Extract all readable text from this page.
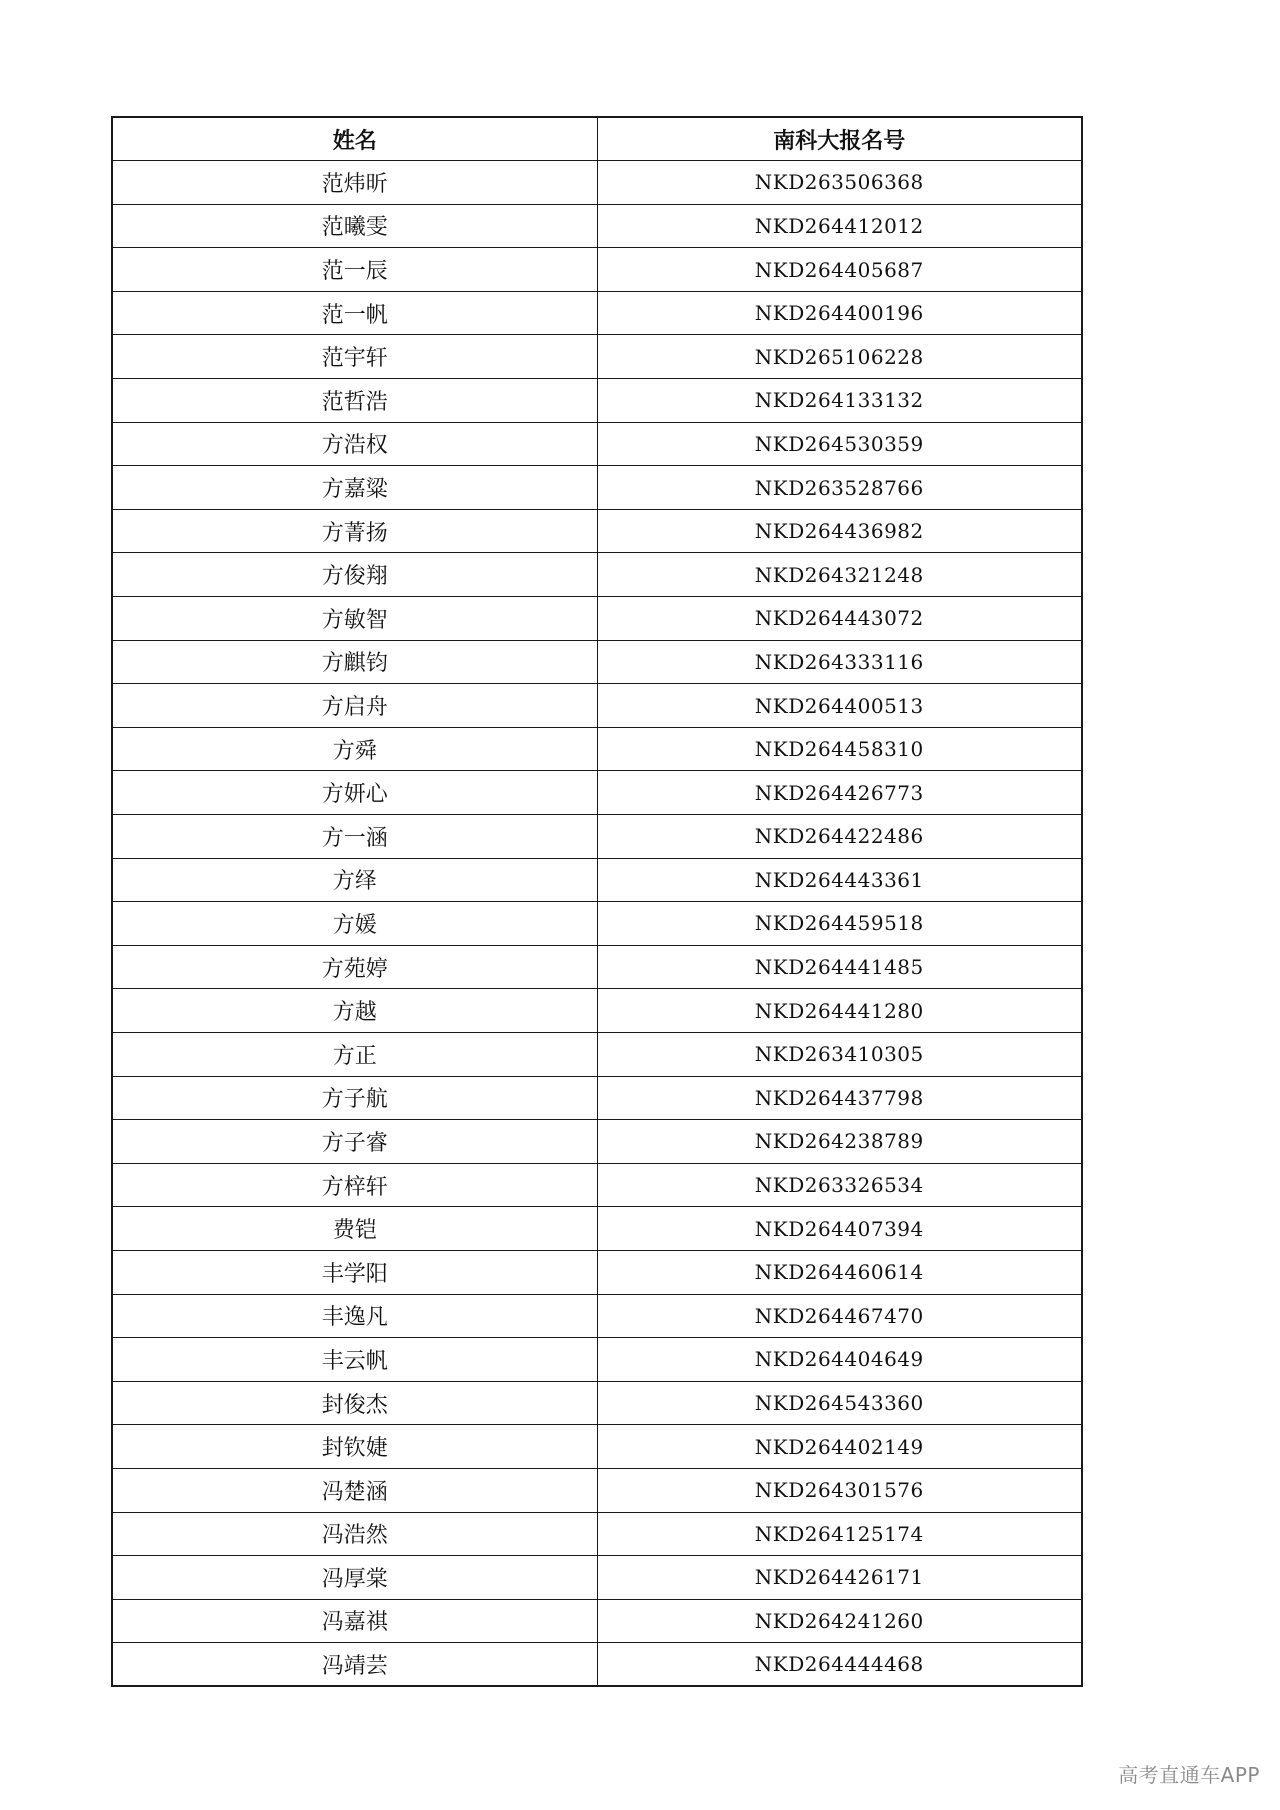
姓名	南科大报名号
范炜昕	NKD263506368
范曦雯	NKD264412012
范一辰	NKD264405687
范一帆	NKD264400196
范宇轩	NKD265106228
范哲浩	NKD264133132
方浩权	NKD264530359
方嘉粱	NKD263528766
方菁扬	NKD264436982
方俊翔	NKD264321248
方敏智	NKD264443072
方麒钧	NKD264333116
方启舟	NKD264400513
方舜	NKD264458310
方妍心	NKD264426773
方一涵	NKD264422486
方绎	NKD264443361
方媛	NKD264459518
方苑婷	NKD264441485
方越	NKD264441280
方正	NKD263410305
方子航	NKD264437798
方子睿	NKD264238789
方梓轩	NKD263326534
费铠	NKD264407394
丰学阳	NKD264460614
丰逸凡	NKD264467470
丰云帆	NKD264404649
封俊杰	NKD264543360
封钦婕	NKD264402149
冯楚涵	NKD264301576
冯浩然	NKD264125174
冯厚棠	NKD264426171
冯嘉祺	NKD264241260
冯靖芸	NKD264444468
高考直通车APP
